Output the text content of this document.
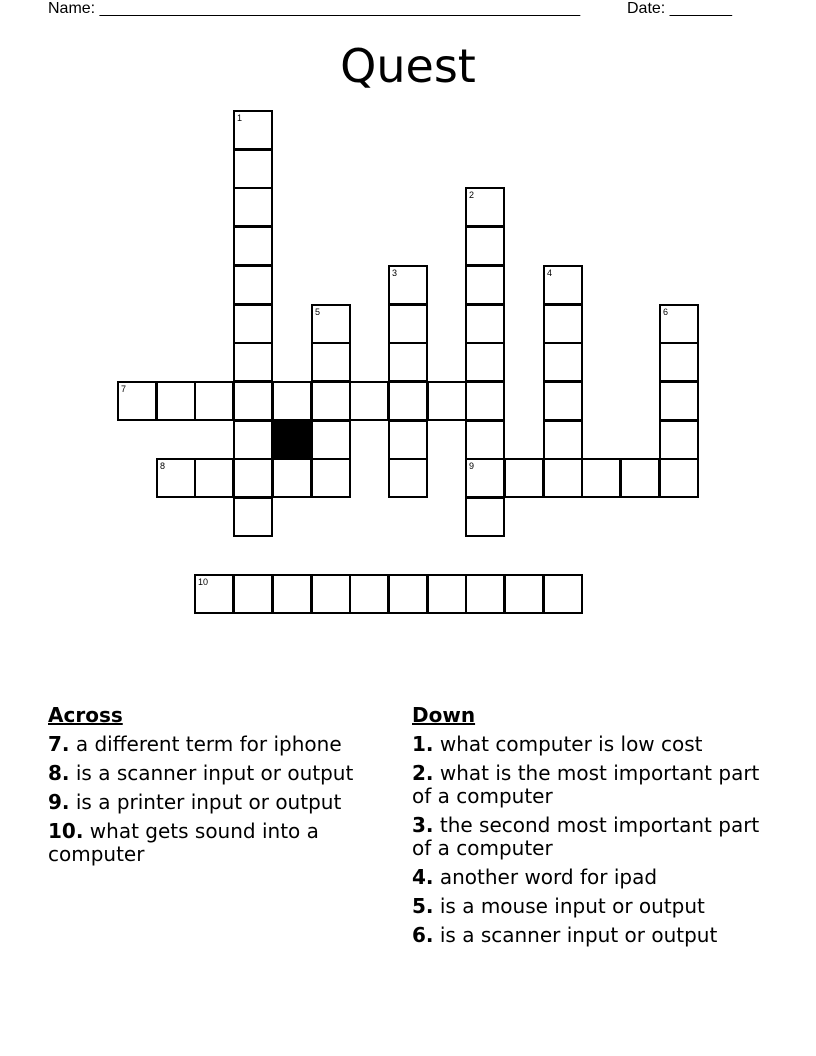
Name: ______________________________________________________	Date: _______
Quest
1
2
3	4
5	6
7
8	9
10
Across
7. a different term for iphone
8. is a scanner input or output
9. is a printer input or output
10. what gets sound into a computer
Down
1. what computer is low cost
2. what is the most important part of a computer
3. the second most important part of a computer
4. another word for ipad
5. is a mouse input or output
6. is a scanner input or output
